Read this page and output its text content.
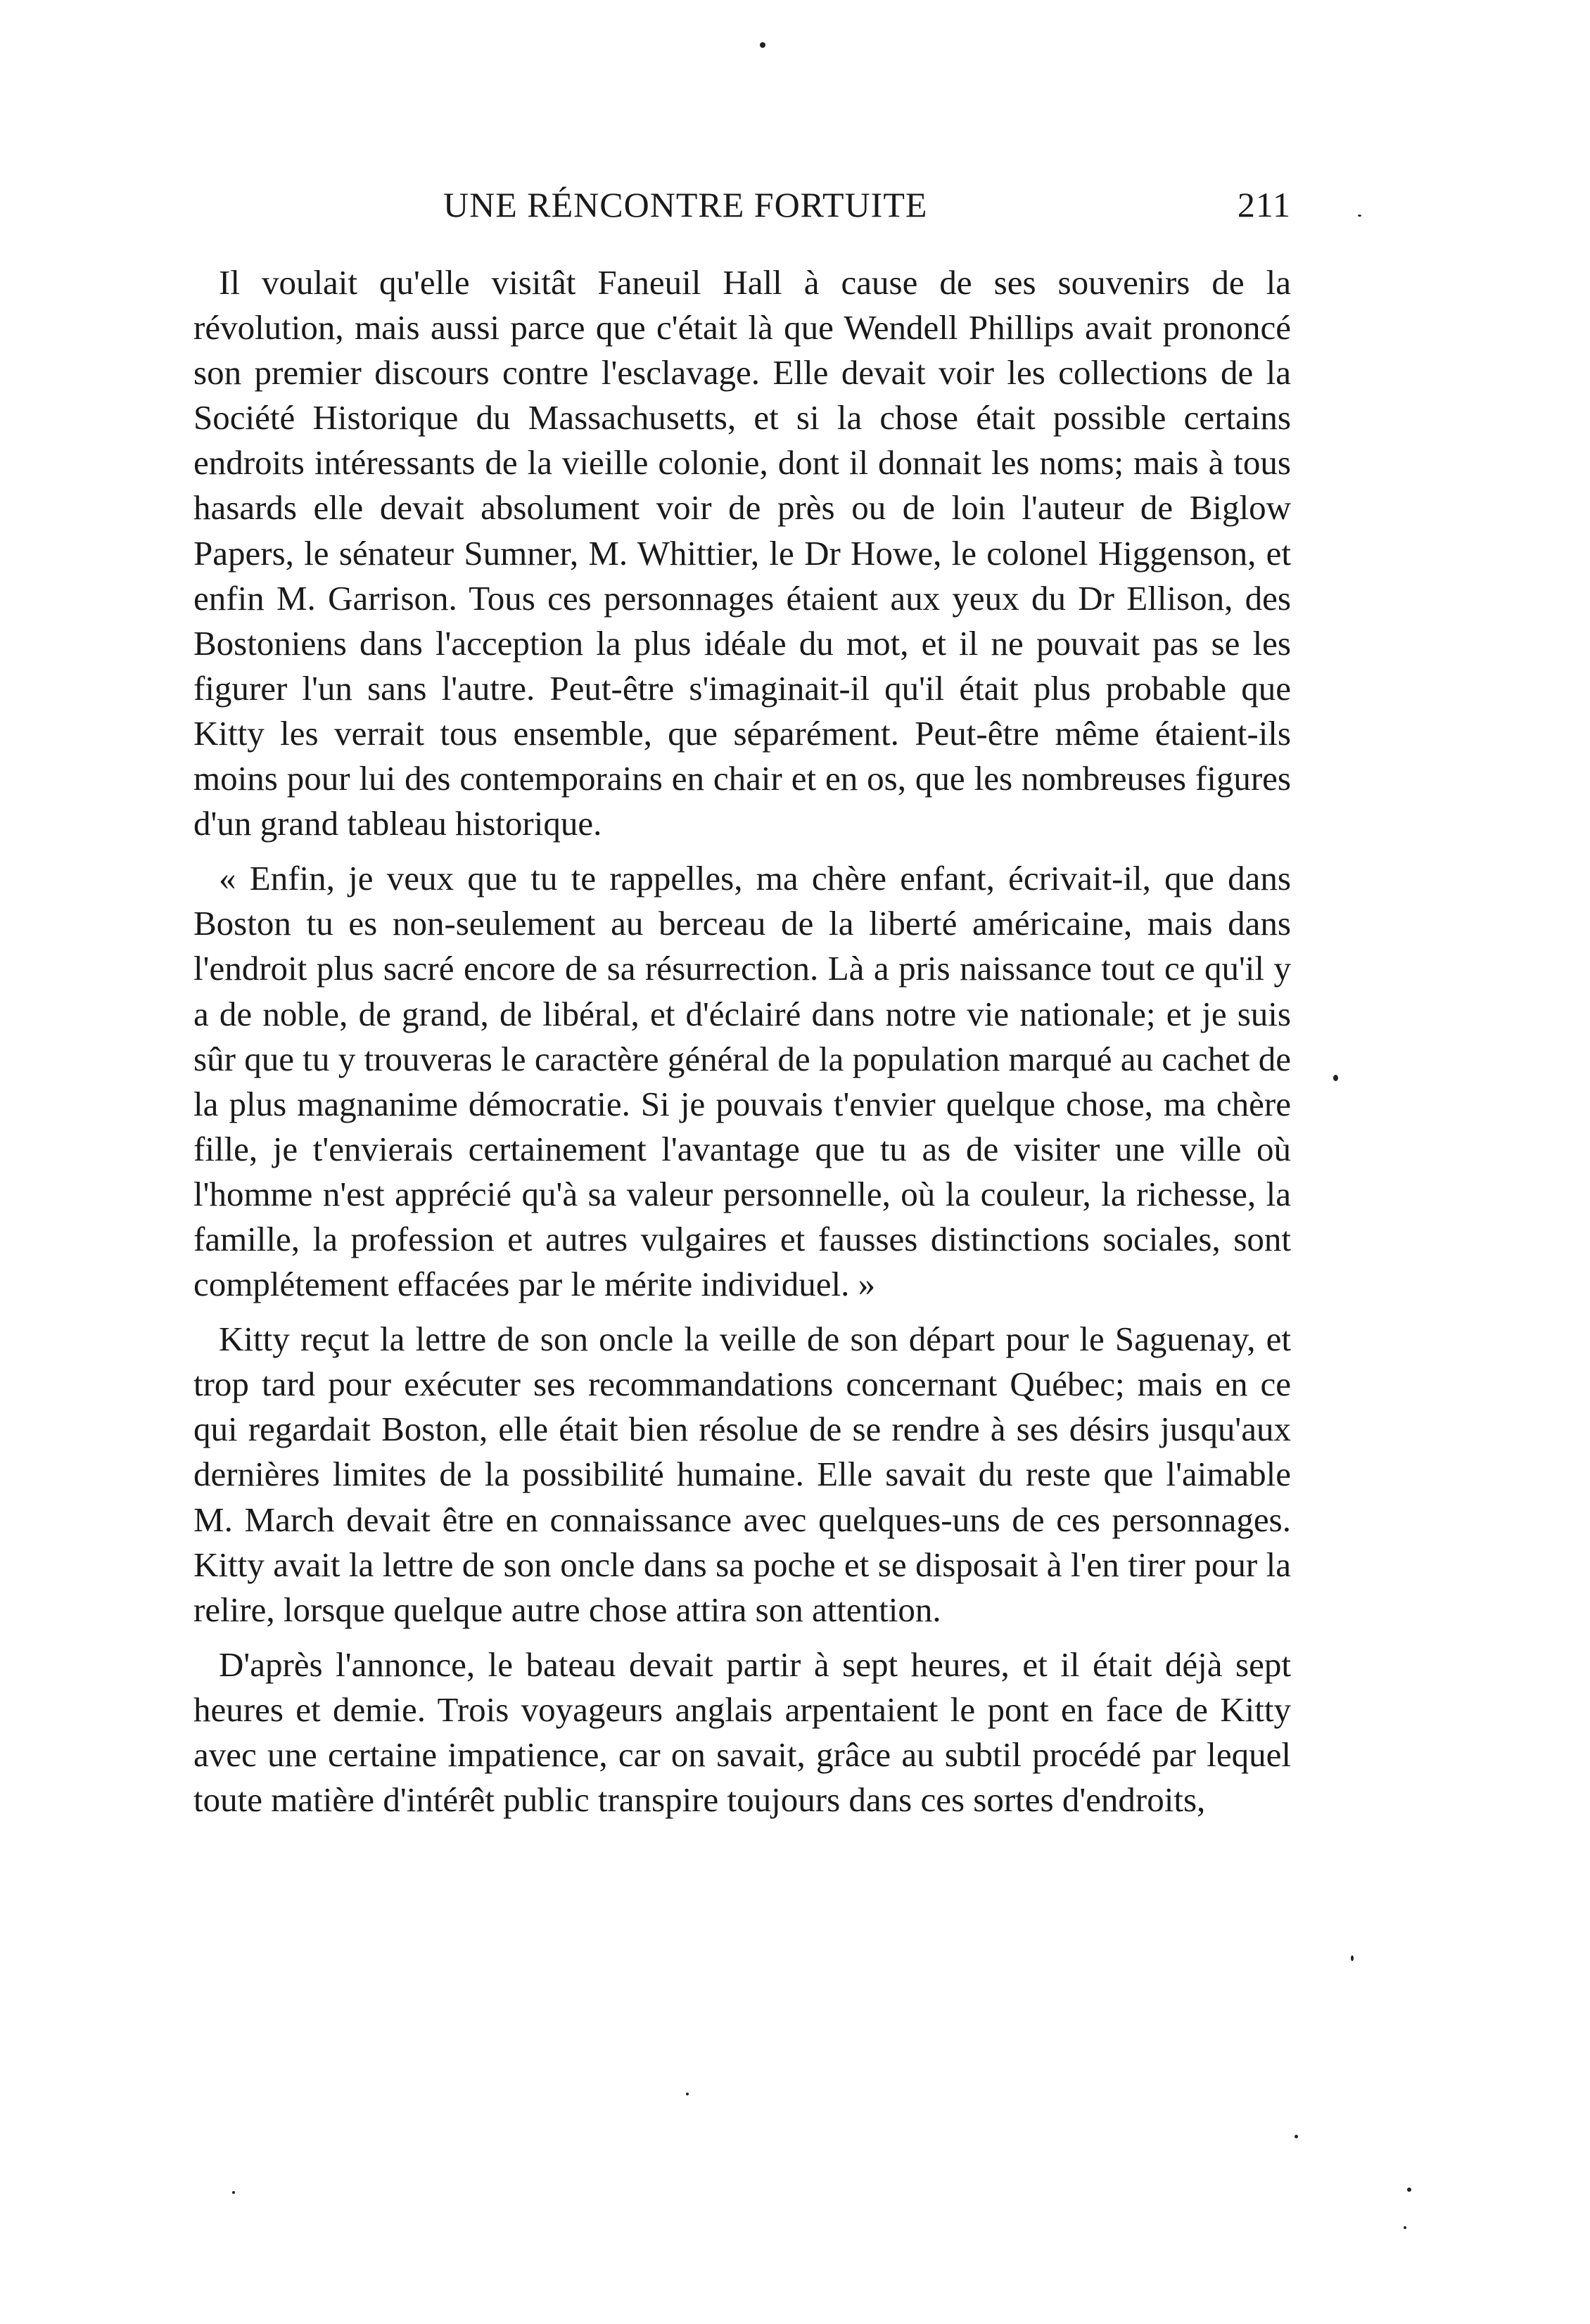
UNE RÉNCONTRE FORTUITE	211

Il voulait qu'elle visitât Faneuil Hall à cause de ses souvenirs de la révolution, mais aussi parce que c'était là que Wendell Phillips avait prononcé son premier discours contre l'esclavage. Elle devait voir les collections de la Société Historique du Massachusetts, et si la chose était possible certains endroits intéressants de la vieille colonie, dont il donnait les noms; mais à tous hasards elle devait absolument voir de près ou de loin l'auteur de Biglow Papers, le sénateur Sumner, M. Whittier, le Dr Howe, le colonel Higgenson, et enfin M. Garrison. Tous ces personnages étaient aux yeux du Dr Ellison, des Bostoniens dans l'acception la plus idéale du mot, et il ne pouvait pas se les figurer l'un sans l'autre. Peut-être s'imaginait-il qu'il était plus probable que Kitty les verrait tous ensemble, que séparément. Peut-être même étaient-ils moins pour lui des contemporains en chair et en os, que les nombreuses figures d'un grand tableau historique.

« Enfin, je veux que tu te rappelles, ma chère enfant, écrivait-il, que dans Boston tu es non-seulement au berceau de la liberté américaine, mais dans l'endroit plus sacré encore de sa résurrection. Là a pris naissance tout ce qu'il y a de noble, de grand, de libéral, et d'éclairé dans notre vie nationale; et je suis sûr que tu y trouveras le caractère général de la population marqué au cachet de la plus magnanime démocratie. Si je pouvais t'envier quelque chose, ma chère fille, je t'envierais certainement l'avantage que tu as de visiter une ville où l'homme n'est apprécié qu'à sa valeur personnelle, où la couleur, la richesse, la famille, la profession et autres vulgaires et fausses distinctions sociales, sont complétement effacées par le mérite individuel. »

Kitty reçut la lettre de son oncle la veille de son départ pour le Saguenay, et trop tard pour exécuter ses recommandations concernant Québec; mais en ce qui regardait Boston, elle était bien résolue de se rendre à ses désirs jusqu'aux dernières limites de la possibilité humaine. Elle savait du reste que l'aimable M. March devait être en connaissance avec quelques-uns de ces personnages. Kitty avait la lettre de son oncle dans sa poche et se disposait à l'en tirer pour la relire, lorsque quelque autre chose attira son attention.

D'après l'annonce, le bateau devait partir à sept heures, et il était déjà sept heures et demie. Trois voyageurs anglais arpentaient le pont en face de Kitty avec une certaine impatience, car on savait, grâce au subtil procédé par lequel toute matière d'intérêt public transpire toujours dans ces sortes d'endroits,
